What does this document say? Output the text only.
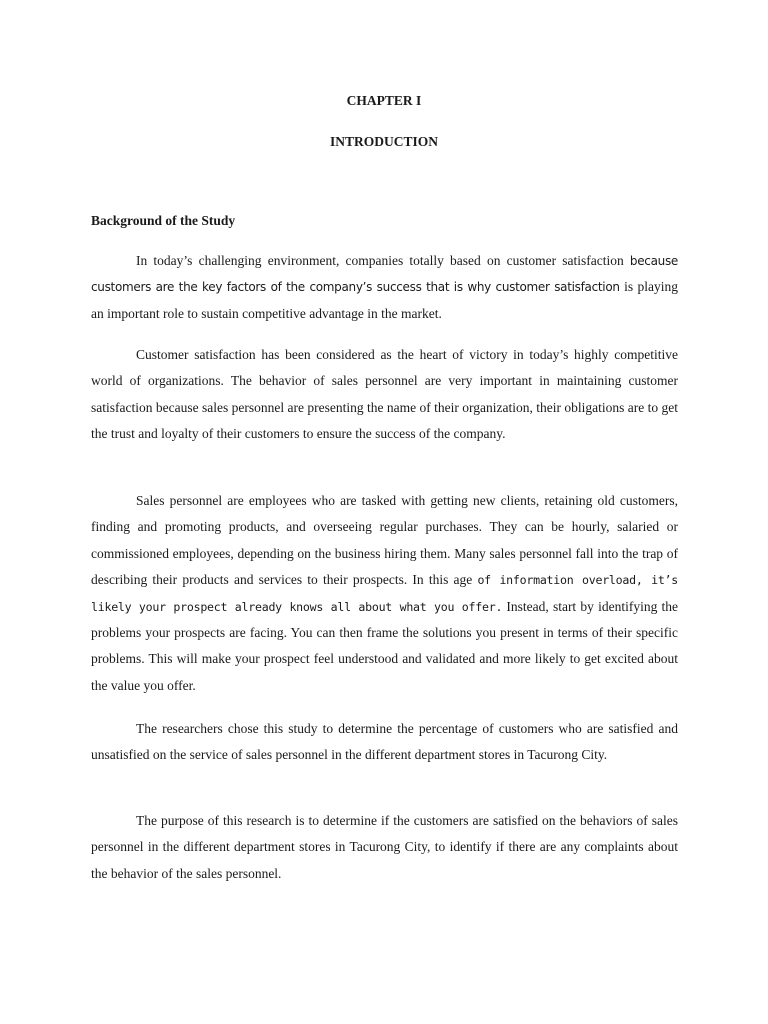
CHAPTER I
INTRODUCTION
Background of the Study

In today’s challenging environment, companies totally based on customer satisfaction because customers are the key factors of the company’s success that is why customer satisfaction is playing an important role to sustain competitive advantage in the market.

Customer satisfaction has been considered as the heart of victory in today’s highly competitive world of organizations. The behavior of sales personnel are very important in maintaining customer satisfaction because sales personnel are presenting the name of their organization, their obligations are to get the trust and loyalty of their customers to ensure the success of the company.

Sales personnel are employees who are tasked with getting new clients, retaining old customers, finding and promoting products, and overseeing regular purchases. They can be hourly, salaried or commissioned employees, depending on the business hiring them. Many sales personnel fall into the trap of describing their products and services to their prospects. In this age of information overload, it’s likely your prospect already knows all about what you offer. Instead, start by identifying the problems your prospects are facing. You can then frame the solutions you present in terms of their specific problems. This will make your prospect feel understood and validated and more likely to get excited about the value you offer.

The researchers chose this study to determine the percentage of customers who are satisfied and unsatisfied on the service of sales personnel in the different department stores in Tacurong City.

The purpose of this research is to determine if the customers are satisfied on the behaviors of sales personnel in the different department stores in Tacurong City, to identify if there are any complaints about the behavior of the sales personnel.
